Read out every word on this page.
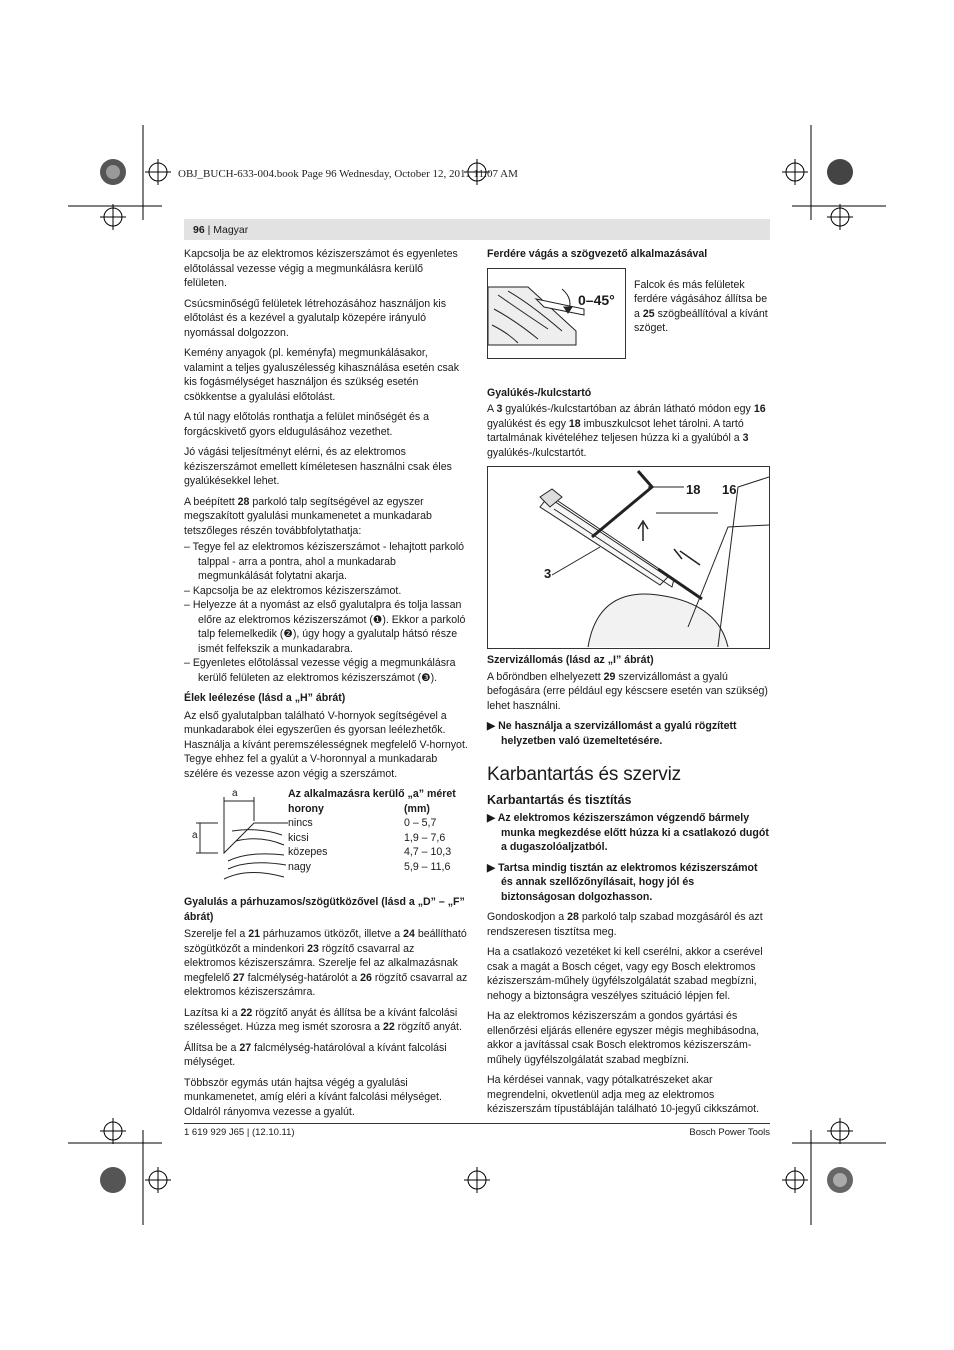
OBJ_BUCH-633-004.book Page 96 Wednesday, October 12, 2011 11:07 AM
96 | Magyar

Kapcsolja be az elektromos kéziszerszámot és egyenletes előtolással vezesse végig a megmunkálásra kerülő felületen.

Csúcsminőségű felületek létrehozásához használjon kis előtolást és a kezével a gyalutalp közepére irányuló nyomással dolgozzon.

Kemény anyagok (pl. keményfa) megmunkálásakor, valamint a teljes gyaluszélesség kihasználása esetén csak kis fogásmélységet használjon és szükség esetén csökkentse a gyalulási előtolást.

A túl nagy előtolás ronthatja a felület minőségét és a forgácskivető gyors eldugulásához vezethet.

Jó vágási teljesítményt elérni, és az elektromos kéziszerszámot emellett kíméletesen használni csak éles gyalúkésekkel lehet.

A beépített 28 parkoló talp segítségével az egyszer megszakított gyalulási munkamenetet a munkadarab tetszőleges részén továbbfolytathatja:

– Tegye fel az elektromos kéziszerszámot - lehajtott parkoló talppal - arra a pontra, ahol a munkadarab megmunkálását folytatni akarja.

– Kapcsolja be az elektromos kéziszerszámot.

– Helyezze át a nyomást az első gyalutalpra és tolja lassan előre az elektromos kéziszerszámot (❶). Ekkor a parkoló talp felemelkedik (❷), úgy hogy a gyalutalp hátsó része ismét felfekszik a munkadarabra.

– Egyenletes előtolással vezesse végig a megmunkálásra kerülő felületen az elektromos kéziszerszámot (❸).

Élek leélezése (lásd a „H” ábrát)

Az első gyalutalpban található V-hornyok segítségével a munkadarabok élei egyszerűen és gyorsan leélezhetők. Használja a kívánt peremszélességnek megfelelő V-hornyot. Tegye ehhez fel a gyalút a V-horonnyal a munkadarab szélére és vezesse azon végig a szerszámot.

a
a
Az alkalmazásra kerülő „a” méret	
horony	(mm)
nincs	0 – 5,7
kicsi	1,9 – 7,6
közepes	4,7 – 10,3
nagy	5,9 – 11,6

Gyalulás a párhuzamos/szögütközővel (lásd a „D” – „F” ábrát)

Szerelje fel a 21 párhuzamos ütközőt, illetve a 24 beállítható szögütközőt a mindenkori 23 rögzítő csavarral az elektromos kéziszerszámra. Szerelje fel az alkalmazásnak megfelelő 27 falcmélység-határolót a 26 rögzítő csavarral az elektromos kéziszerszámra.

Lazítsa ki a 22 rögzítő anyát és állítsa be a kívánt falcolási szélességet. Húzza meg ismét szorosra a 22 rögzítő anyát.

Állítsa be a 27 falcmélység-határolóval a kívánt falcolási mélységet.

Többször egymás után hajtsa végég a gyalulási munkamenetet, amíg eléri a kívánt falcolási mélységet. Oldalról rányomva vezesse a gyalút.

Ferdére vágás a szögvezető alkalmazásával

0–45°

Falcok és más felületek ferdére vágásához állítsa be a 25 szögbeállítóval a kívánt szöget.

Gyalúkés-/kulcstartó

A 3 gyalúkés-/kulcstartóban az ábrán látható módon egy 16 gyalúkést és egy 18 imbuszkulcsot lehet tárolni. A tartó tartalmának kivételéhez teljesen húzza ki a gyalúból a 3 gyalúkés-/kulcstartót.

18 16
3

Szervizállomás (lásd az „I” ábrát)

A bőröndben elhelyezett 29 szervizállomást a gyalú befogására (erre például egy késcsere esetén van szükség) lehet használni.

▶ Ne használja a szervizállomást a gyalú rögzített helyzetben való üzemeltetésére.

Karbantartás és szerviz
Karbantartás és tisztítás

▶ Az elektromos kéziszerszámon végzendő bármely munka megkezdése előtt húzza ki a csatlakozó dugót a dugaszolóaljzatból.

▶ Tartsa mindig tisztán az elektromos kéziszerszámot és annak szellőzőnyílásait, hogy jól és biztonságosan dolgozhasson.

Gondoskodjon a 28 parkoló talp szabad mozgásáról és azt rendszeresen tisztítsa meg.

Ha a csatlakozó vezetéket ki kell cserélni, akkor a cserével csak a magát a Bosch céget, vagy egy Bosch elektromos kéziszerszám-műhely ügyfélszolgálatát szabad megbízni, nehogy a biztonságra veszélyes szituáció lépjen fel.

Ha az elektromos kéziszerszám a gondos gyártási és ellenőrzési eljárás ellenére egyszer mégis meghibásodna, akkor a javítással csak Bosch elektromos kéziszerszám-műhely ügyfélszolgálatát szabad megbízni.

Ha kérdései vannak, vagy pótalkatrészeket akar megrendelni, okvetlenül adja meg az elektromos kéziszerszám típustábláján található 10-jegyű cikkszámot.

1 619 929 J65 | (12.10.11)	Bosch Power Tools
